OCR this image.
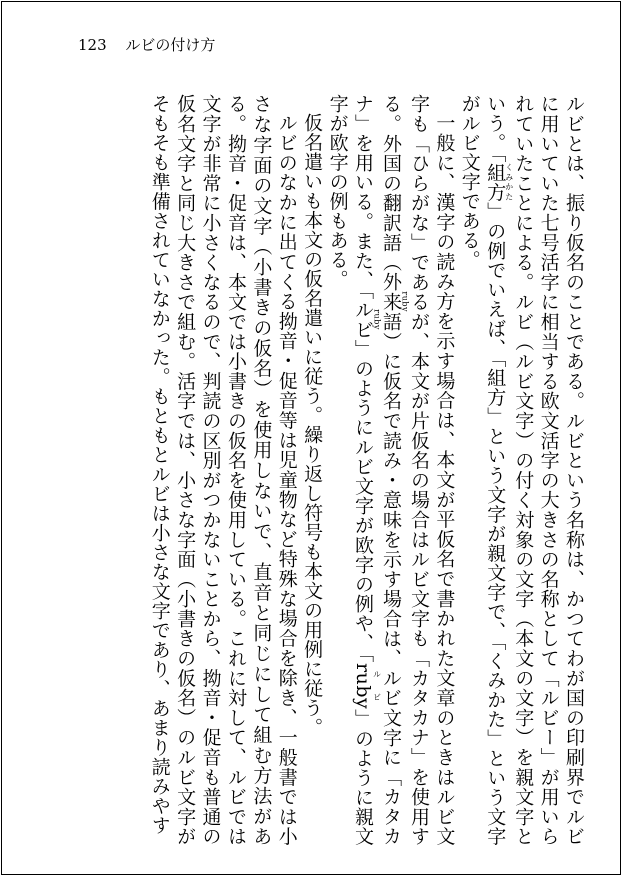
123 ルビの付け方

ルビとは、振り仮名のことである。ルビという名称は、かつてわが国の印刷界でルビに用いていた七号活字に相当する欧文活字の大きさの名称として「ルビー」が用いられていたことによる。ルビ（ルビ文字）の付く対象の文字（本文の文字）を親文字という。「組方くみかた」の例でいえば、「組方」という文字が親文字で、「くみかた」という文字がルビ文字である。

一般に、漢字の読み方を示す場合は、本文が平仮名で書かれた文章のときはルビ文字も「ひらがな」であるが、本文が片仮名の場合はルビ文字も「カタカナ」を使用する。外国の翻訳語（外来語ruby）に仮名で読み・意味を示す場合は、ルビ文字に「カタカナ」を用いる。また、「ルビruby」のようにルビ文字が欧字の例や、「rubyルビ」のように親文字が欧字の例もある。

仮名遣いも本文の仮名遣いに従う。繰り返し符号も本文の用例に従う。

ルビのなかに出てくる拗音・促音等は児童物など特殊な場合を除き、一般書では小さな字面の文字（小書きの仮名）を使用しないで、直音と同じにして組む方法がある。拗音・促音は、本文では小書きの仮名を使用している。これに対して、ルビでは文字が非常に小さくなるので、判読の区別がつかないことから、拗音・促音も普通の仮名文字と同じ大きさで組む。活字では、小さな字面（小書きの仮名）のルビ文字がそもそも準備されていなかった。もともとルビは小さな文字であり、あまり読みやす
